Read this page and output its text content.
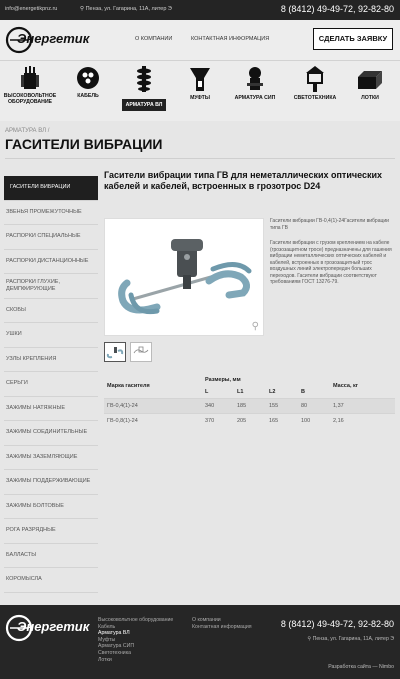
info@energetikpnz.ru	⚲ Пенза, ул. Гагарина, 11А, литер Э	8 (8412) 49-49-72, 92-82-80
Энергетик	О КОМПАНИИ	КОНТАКТНАЯ ИНФОРМАЦИЯ	СДЕЛАТЬ ЗАЯВКУ
ВЫСОКОВОЛЬТНОЕ ОБОРУДОВАНИЕ
КАБЕЛЬ
АРМАТУРА ВЛ
МУФТЫ	АРМАТУРА СИП	СВЕТОТЕХНИКА	ЛОТКИ
АРМАТУРА ВЛ /
ГАСИТЕЛИ ВИБРАЦИИ
ГАСИТЕЛИ ВИБРАЦИИ
ЗВЕНЬЯ ПРОМЕЖУТОЧНЫЕ
РАСПОРКИ СПЕЦИАЛЬНЫЕ
РАСПОРКИ ДИСТАНЦИОННЫЕ
РАСПОРКИ ГЛУХИЕ, ДЕМПФИРУЮЩИЕ
СКОБЫ
УШКИ
УЗЛЫ КРЕПЛЕНИЯ
СЕРЬГИ
ЗАЖИМЫ НАТЯЖНЫЕ
ЗАЖИМЫ СОЕДИНИТЕЛЬНЫЕ
ЗАЖИМЫ ЗАЗЕМЛЯЮЩИЕ
ЗАЖИМЫ ПОДДЕРЖИВАЮЩИЕ
ЗАЖИМЫ БОЛТОВЫЕ
РОГА РАЗРЯДНЫЕ
БАЛЛАСТЫ
КОРОМЫСЛА
Гасители вибрации типа ГВ для неметаллических оптических кабелей и кабелей, встроенных в грозотрос D24
⚲
Гасители вибрации ГВ-0,4(1)-24Гасители вибрации типа ГВ
Гасители вибрации с грузом креплением на кабеле (грозозащитном тросе) предназначены для гашения вибрации неметаллических оптических кабелей и кабелей, встроенных в грозозащитный трос воздушных линий электропередач больших переходов. Гасители вибрации соответствуют требованиям ГОСТ 13276-79.
Марка гасителя	Размеры, мм				Масса, кг
	L	L1	L2	B	
ГВ-0,4(1)-24	340	185	155	80	1,37
ГВ-0,8(1)-24	370	205	165	100	2,16
Энергетик Высоковольтное оборудование
Кабель
Арматура ВЛ
Муфты
Арматура СИП
Светотехника
Лотки
О компании
Контактная информация	8 (8412) 49-49-72, 92-82-80
⚲ Пенза, ул. Гагарина, 11А, литер Э
Разработка сайта — Nimbo
